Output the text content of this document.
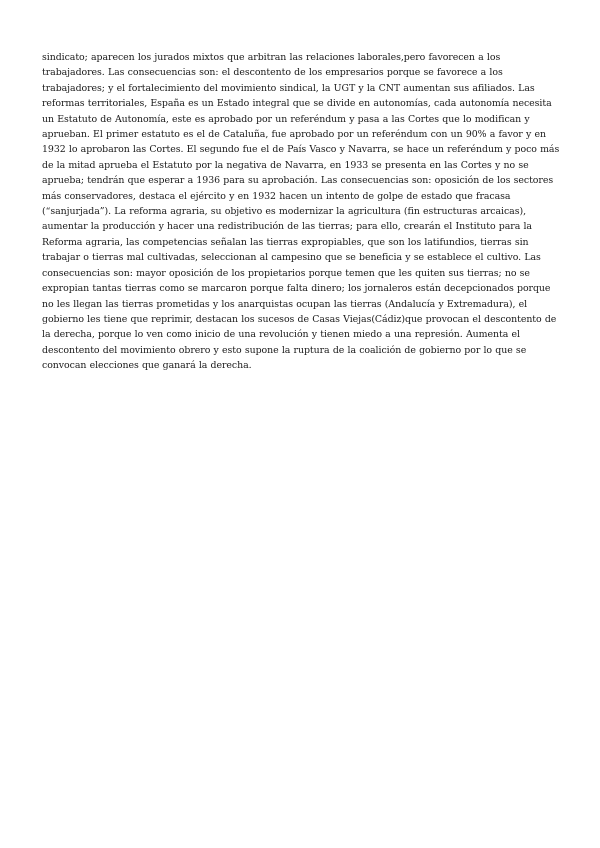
sindicato; aparecen los jurados mixtos que arbitran las relaciones laborales,pero favorecen a los trabajadores. Las consecuencias son: el descontento de los empresarios porque se favorece a los trabajadores; y el fortalecimiento del movimiento sindical, la UGT y la CNT aumentan sus afiliados. Las reformas territoriales, España es un Estado integral que se divide en autonomías, cada autonomía necesita un Estatuto de Autonomía, este es aprobado por un referéndum y pasa a las Cortes que lo modifican y aprueban. El primer estatuto es el de Cataluña, fue aprobado por un referéndum con un 90% a favor y en 1932 lo aprobaron las Cortes. El segundo fue el de País Vasco y Navarra, se hace un referéndum y poco más de la mitad aprueba el Estatuto por la negativa de Navarra, en 1933 se presenta en las Cortes y no se aprueba; tendrán que esperar a 1936 para su aprobación. Las consecuencias son: oposición de los sectores más conservadores, destaca el ejército y en 1932 hacen un intento de golpe de estado que fracasa (“sanjurjada”). La reforma agraria, su objetivo es modernizar la agricultura (fin estructuras arcaicas), aumentar la producción y hacer una redistribución de las tierras; para ello, crearán el Instituto para la Reforma agraria, las competencias señalan las tierras expropiables, que son los latifundios, tierras sin trabajar o tierras mal cultivadas, seleccionan al campesino que se beneficia y se establece el cultivo. Las consecuencias son: mayor oposición de los propietarios porque temen que les quiten sus tierras; no se expropian tantas tierras como se marcaron porque falta dinero; los jornaleros están decepcionados porque no les llegan las tierras prometidas y los anarquistas ocupan las tierras (Andalucía y Extremadura), el gobierno les tiene que reprimir, destacan los sucesos de Casas Viejas(Cádiz)que provocan el descontento de la derecha, porque lo ven como inicio de una revolución y tienen miedo a una represión. Aumenta el descontento del movimiento obrero y esto supone la ruptura de la coalición de gobierno por lo que se convocan elecciones que ganará la derecha.
